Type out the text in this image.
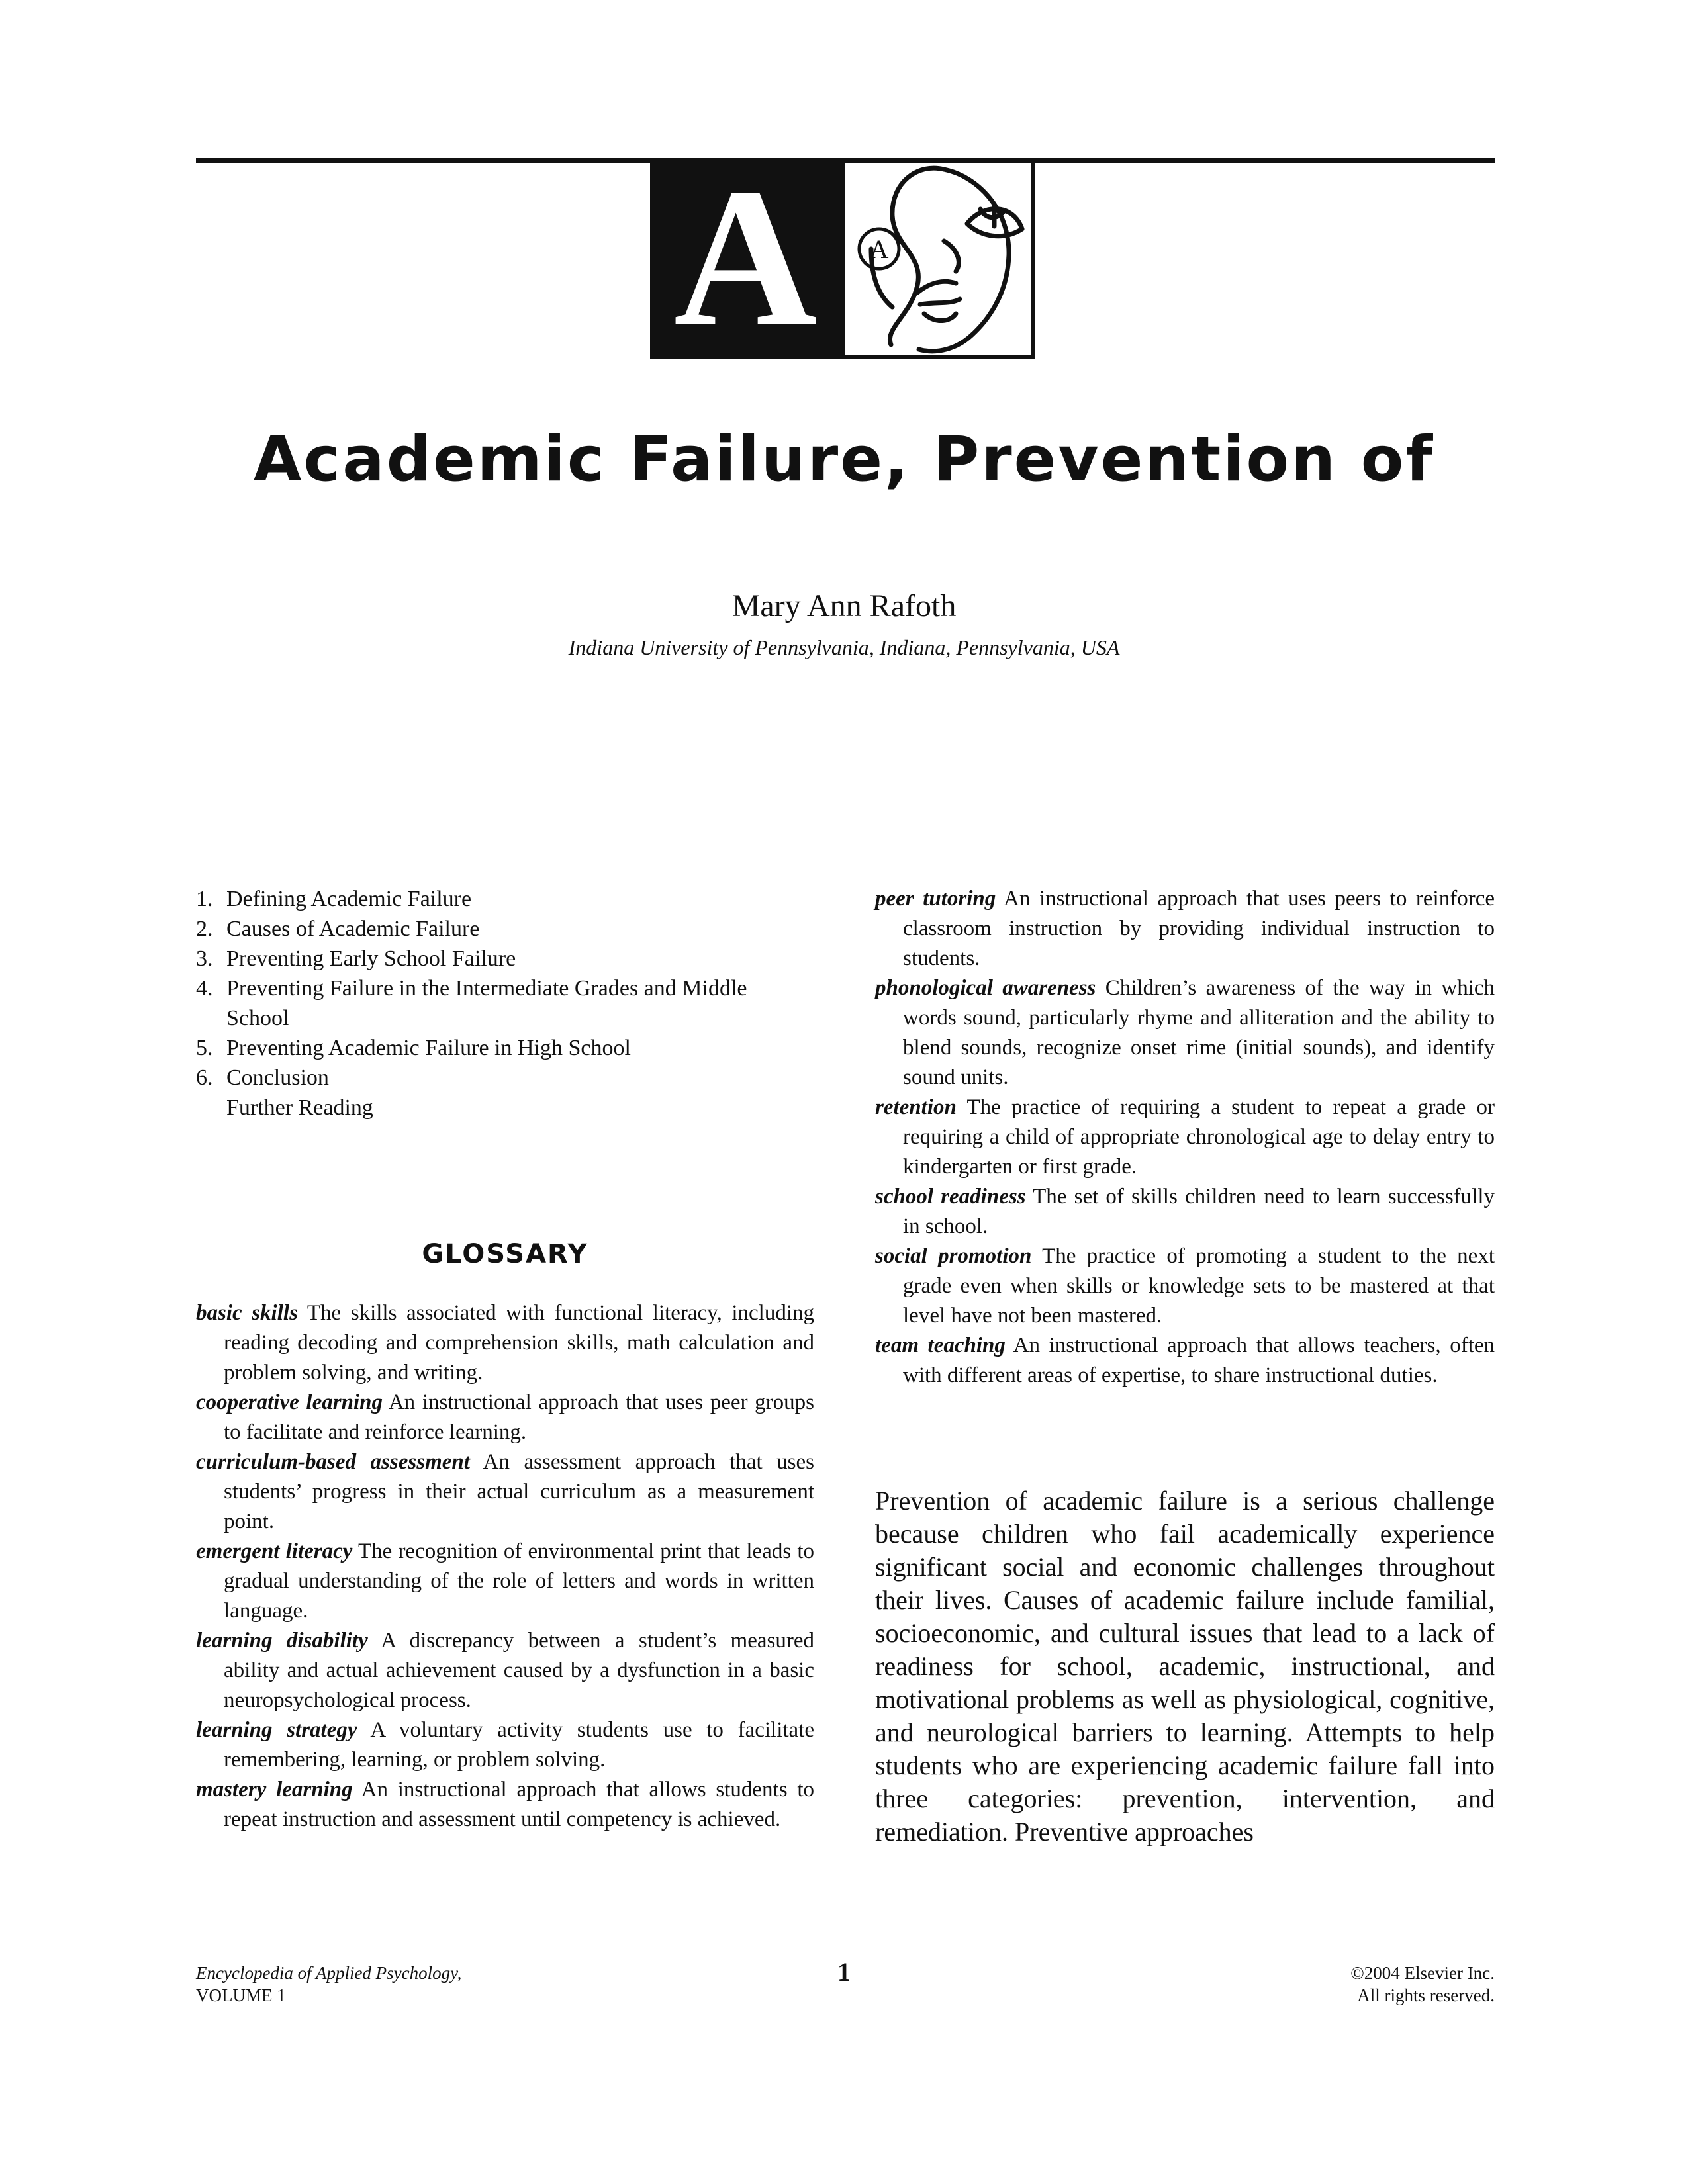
A A
Academic Failure, Prevention of

Mary Ann Rafoth

Indiana University of Pennsylvania, Indiana, Pennsylvania, USA

1. Defining Academic Failure
2. Causes of Academic Failure
3. Preventing Early School Failure
4. Preventing Failure in the Intermediate Grades and Middle School
5. Preventing Academic Failure in High School
6. Conclusion
Further Reading
GLOSSARY

basic skills The skills associated with functional literacy, including reading decoding and comprehension skills, math calculation and problem solving, and writing.

cooperative learning An instructional approach that uses peer groups to facilitate and reinforce learning.

curriculum-based assessment An assessment approach that uses students’ progress in their actual curriculum as a measurement point.

emergent literacy The recognition of environmental print that leads to gradual understanding of the role of letters and words in written language.

learning disability A discrepancy between a student’s measured ability and actual achievement caused by a dysfunction in a basic neuropsychological process.

learning strategy A voluntary activity students use to facilitate remembering, learning, or problem solving.

mastery learning An instructional approach that allows students to repeat instruction and assessment until competency is achieved.

peer tutoring An instructional approach that uses peers to reinforce classroom instruction by providing individual instruction to students.

phonological awareness Children’s awareness of the way in which words sound, particularly rhyme and alliteration and the ability to blend sounds, recognize onset rime (initial sounds), and identify sound units.

retention The practice of requiring a student to repeat a grade or requiring a child of appropriate chronological age to delay entry to kindergarten or first grade.

school readiness The set of skills children need to learn successfully in school.

social promotion The practice of promoting a student to the next grade even when skills or knowledge sets to be mastered at that level have not been mastered.

team teaching An instructional approach that allows teachers, often with different areas of expertise, to share instructional duties.

Prevention of academic failure is a serious challenge because children who fail academically experience significant social and economic challenges throughout their lives. Causes of academic failure include familial, socioeconomic, and cultural issues that lead to a lack of readiness for school, academic, instructional, and motivational problems as well as physiological, cognitive, and neurological barriers to learning. Attempts to help students who are experiencing academic failure fall into three categories: prevention, intervention, and remediation. Preventive approaches

Encyclopedia of Applied Psychology,
VOLUME 1
1	©2004 Elsevier Inc.
All rights reserved.
